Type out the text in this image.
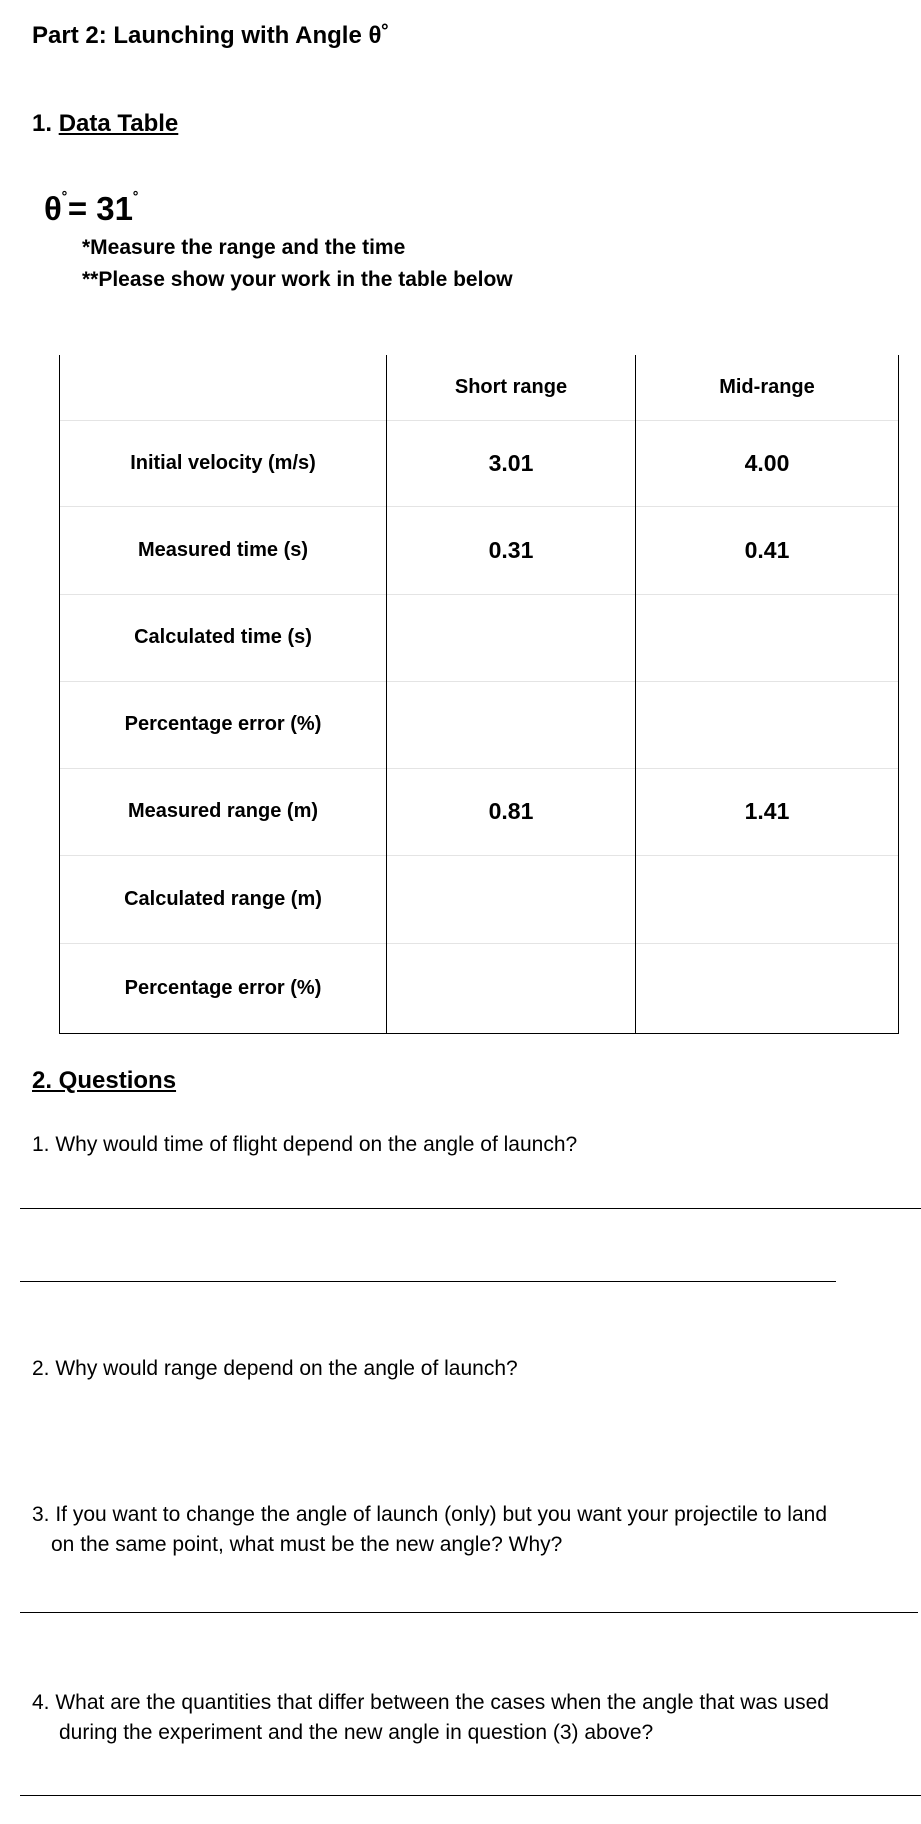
Part 2: Launching with Angle θ˚
1. Data Table
θ˚= 31˚
*Measure the range and the time
**Please show your work in the table below
	Short range	Mid-range
Initial velocity (m/s)	3.01	4.00
Measured time (s)	0.31	0.41
Calculated time (s)		
Percentage error (%)		
Measured range (m)	0.81	1.41
Calculated range (m)		
Percentage error (%)		
2. Questions
1. Why would time of flight depend on the angle of launch?
2. Why would range depend on the angle of launch?
3. If you want to change the angle of launch (only) but you want your projectile to land
on the same point, what must be the new angle? Why?
4. What are the quantities that differ between the cases when the angle that was used
during the experiment and the new angle in question (3) above?
